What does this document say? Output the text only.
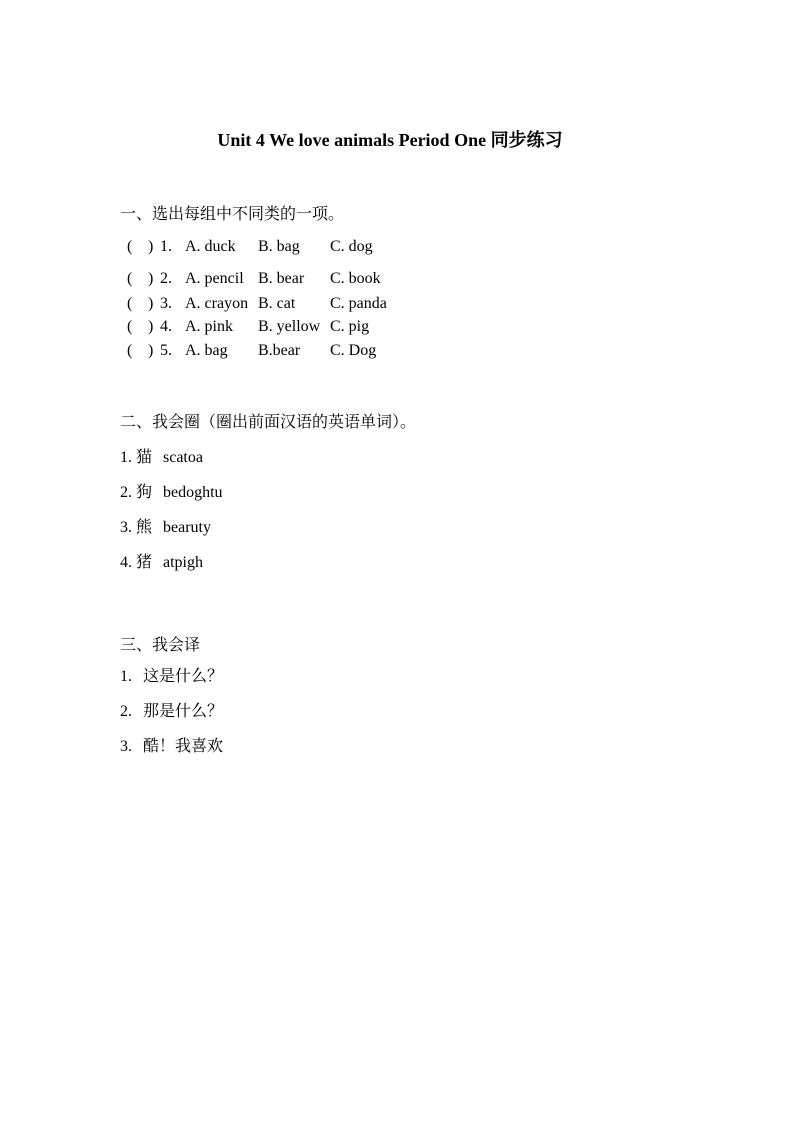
Unit 4 We love animals Period One 同步练习

一、选出每组中不同类的一项。

( ) 1. A. duck	B. bag	C. dog
( ) 2. A. pencil B. bear	C. book
( ) 3. A. crayon B. cat	C. panda
( ) 4. A. pink	B. yellow C. pig
( ) 5. A. bag	B.bear	C. Dog

二、我会圈（圈出前面汉语的英语单词）。

1. 猫 scatoa
2. 狗 bedoghtu
3. 熊 bearuty
4. 猪 atpigh

三、我会译

1. 这是什么？
2. 那是什么？
3. 酷！我喜欢
